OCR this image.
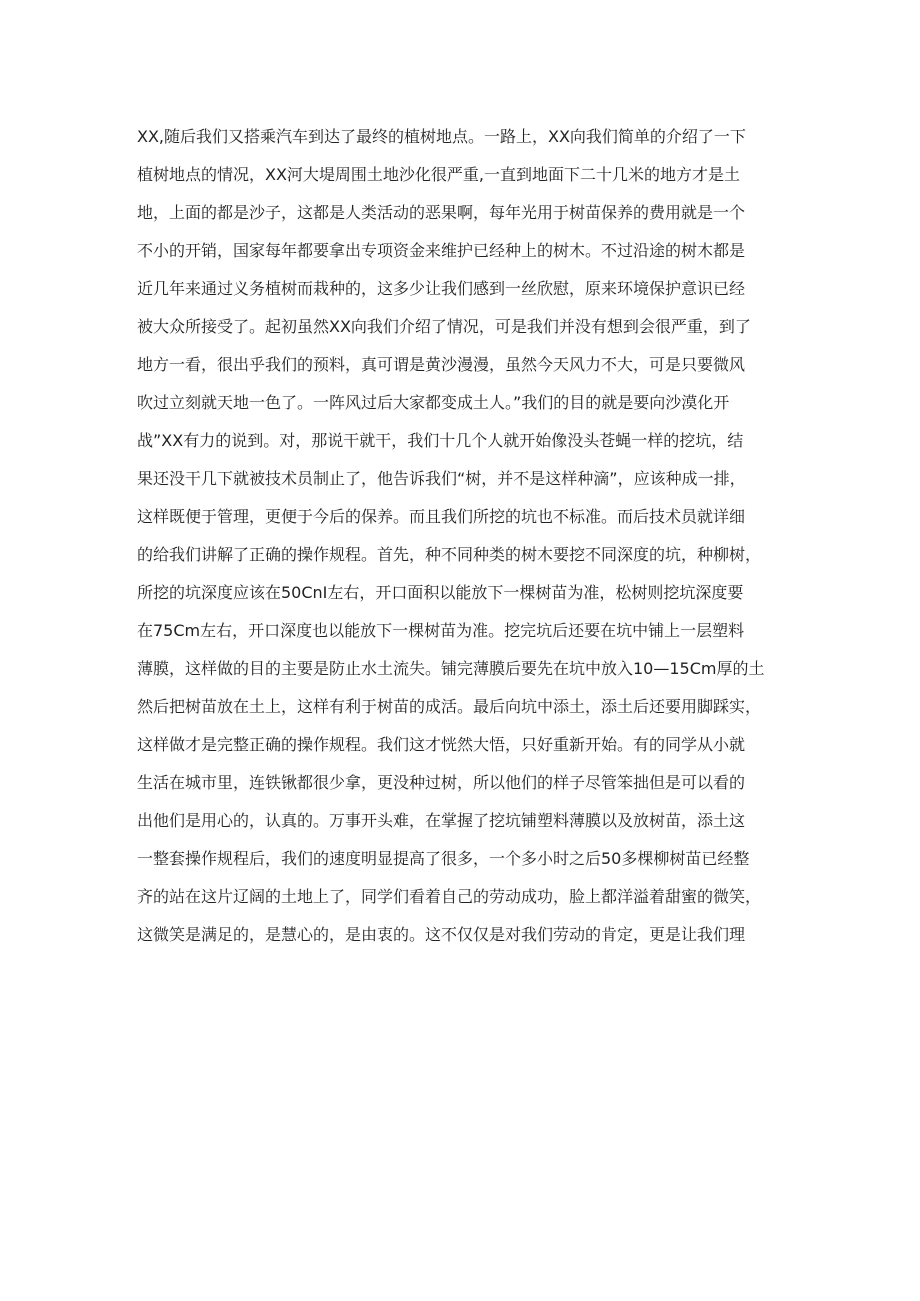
XX,随后我们又搭乘汽车到达了最终的植树地点。一路上，XX向我们简单的介绍了一下
植树地点的情况，XX河大堤周围土地沙化很严重,一直到地面下二十几米的地方才是土
地，上面的都是沙子，这都是人类活动的恶果啊，每年光用于树苗保养的费用就是一个
不小的开销，国家每年都要拿出专项资金来维护已经种上的树木。不过沿途的树木都是
近几年来通过义务植树而栽种的，这多少让我们感到一丝欣慰，原来环境保护意识已经
被大众所接受了。起初虽然XX向我们介绍了情况，可是我们并没有想到会很严重，到了
地方一看，很出乎我们的预料，真可谓是黄沙漫漫，虽然今天风力不大，可是只要微风
吹过立刻就天地一色了。一阵风过后大家都变成土人。”我们的目的就是要向沙漠化开
战”XX有力的说到。对，那说干就干，我们十几个人就开始像没头苍蝇一样的挖坑，结
果还没干几下就被技术员制止了，他告诉我们“树，并不是这样种滴”，应该种成一排，
这样既便于管理，更便于今后的保养。而且我们所挖的坑也不标准。而后技术员就详细
的给我们讲解了正确的操作规程。首先，种不同种类的树木要挖不同深度的坑，种柳树，
所挖的坑深度应该在50CnI左右，开口面积以能放下一棵树苗为准，松树则挖坑深度要
在75Cm左右，开口深度也以能放下一棵树苗为准。挖完坑后还要在坑中铺上一层塑料
薄膜，这样做的目的主要是防止水土流失。铺完薄膜后要先在坑中放入10—15Cm厚的土
然后把树苗放在土上，这样有利于树苗的成活。最后向坑中添土，添土后还要用脚踩实，
这样做才是完整正确的操作规程。我们这才恍然大悟，只好重新开始。有的同学从小就
生活在城市里，连铁锹都很少拿，更没种过树，所以他们的样子尽管笨拙但是可以看的
出他们是用心的，认真的。万事开头难，在掌握了挖坑铺塑料薄膜以及放树苗，添土这
一整套操作规程后，我们的速度明显提高了很多，一个多小时之后50多棵柳树苗已经整
齐的站在这片辽阔的土地上了，同学们看着自己的劳动成功，脸上都洋溢着甜蜜的微笑，
这微笑是满足的，是慧心的，是由衷的。这不仅仅是对我们劳动的肯定，更是让我们理
